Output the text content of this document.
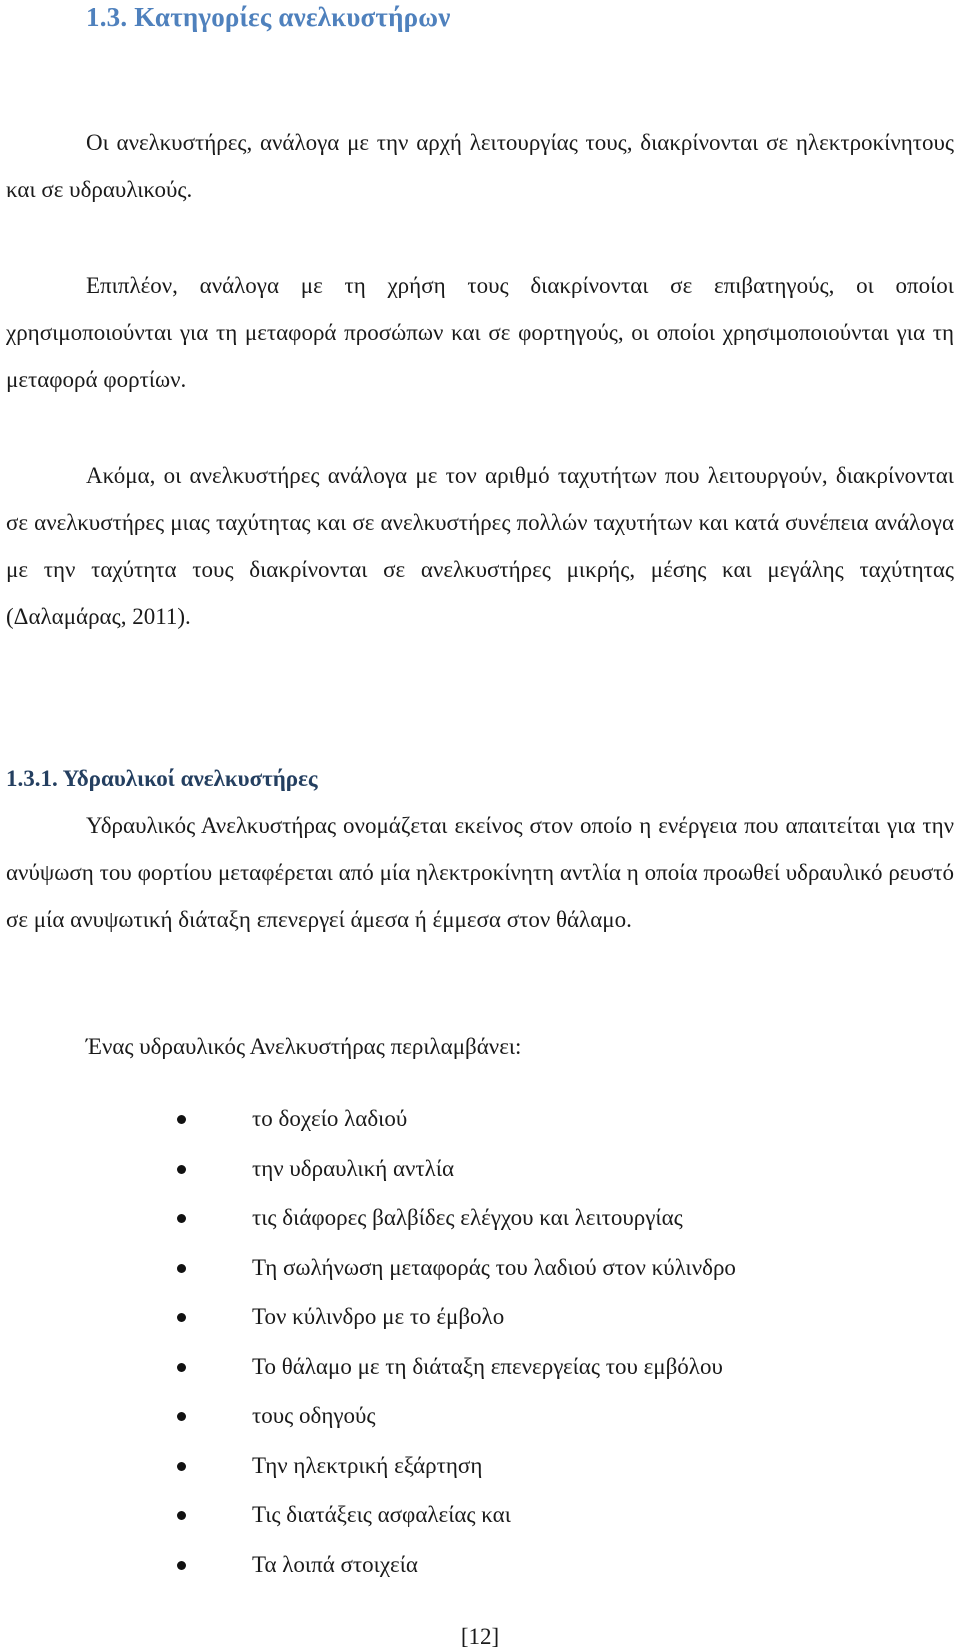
1.3. Κατηγορίες ανελκυστήρων

Οι ανελκυστήρες, ανάλογα με την αρχή λειτουργίας τους, διακρίνονται σε ηλεκτροκίνητους και σε υδραυλικούς.

Επιπλέον, ανάλογα με τη χρήση τους διακρίνονται σε επιβατηγούς, οι οποίοι χρησιμοποιούνται για τη μεταφορά προσώπων και σε φορτηγούς, οι οποίοι χρησιμοποιούνται για τη μεταφορά φορτίων.

Ακόμα, οι ανελκυστήρες ανάλογα με τον αριθμό ταχυτήτων που λειτουργούν, διακρίνονται σε ανελκυστήρες μιας ταχύτητας και σε ανελκυστήρες πολλών ταχυτήτων και κατά συνέπεια ανάλογα με την ταχύτητα τους διακρίνονται σε ανελκυστήρες μικρής, μέσης και μεγάλης ταχύτητας (Δαλαμάρας, 2011).

1.3.1. Υδραυλικοί ανελκυστήρες

Υδραυλικός Ανελκυστήρας ονομάζεται εκείνος στον οποίο η ενέργεια που απαιτείται για την ανύψωση του φορτίου μεταφέρεται από μία ηλεκτροκίνητη αντλία η οποία προωθεί υδραυλικό ρευστό σε μία ανυψωτική διάταξη επενεργεί άμεσα ή έμμεσα στον θάλαμο.

Ένας υδραυλικός Ανελκυστήρας περιλαμβάνει:
το δοχείο λαδιού
την υδραυλική αντλία
τις διάφορες βαλβίδες ελέγχου και λειτουργίας
Τη σωλήνωση μεταφοράς του λαδιού στον κύλινδρο
Τον κύλινδρο με το έμβολο
Το θάλαμο με τη διάταξη επενεργείας του εμβόλου
τους οδηγούς
Την ηλεκτρική εξάρτηση
Τις διατάξεις ασφαλείας και
Τα λοιπά στοιχεία
[12]
